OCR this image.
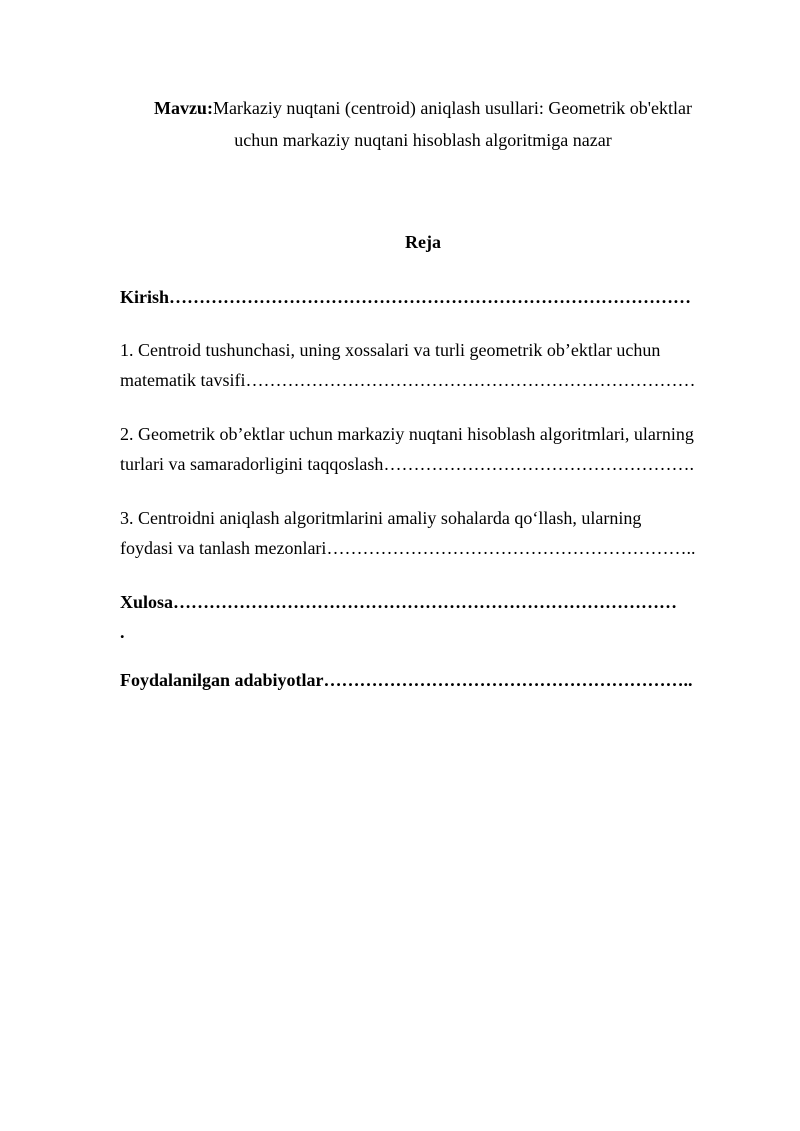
Mavzu:Markaziy nuqtani (centroid) aniqlash usullari: Geometrik ob'ektlar
uchun markaziy nuqtani hisoblash algoritmiga nazar
Reja
Kirish……………………………………………………………………………
1. Centroid tushunchasi, uning xossalari va turli geometrik ob’ektlar uchun
matematik tavsifi…………………………………………………………………
2. Geometrik ob’ektlar uchun markaziy nuqtani hisoblash algoritmlari, ularning
turlari va samaradorligini taqqoslash…………………………………………….
3. Centroidni aniqlash algoritmlarini amaliy sohalarda qo‘llash, ularning
foydasi va tanlash mezonlari……………………………………………………..
Xulosa…………………………………………………………………………
.
Foydalanilgan adabiyotlar……………………………………………………..
